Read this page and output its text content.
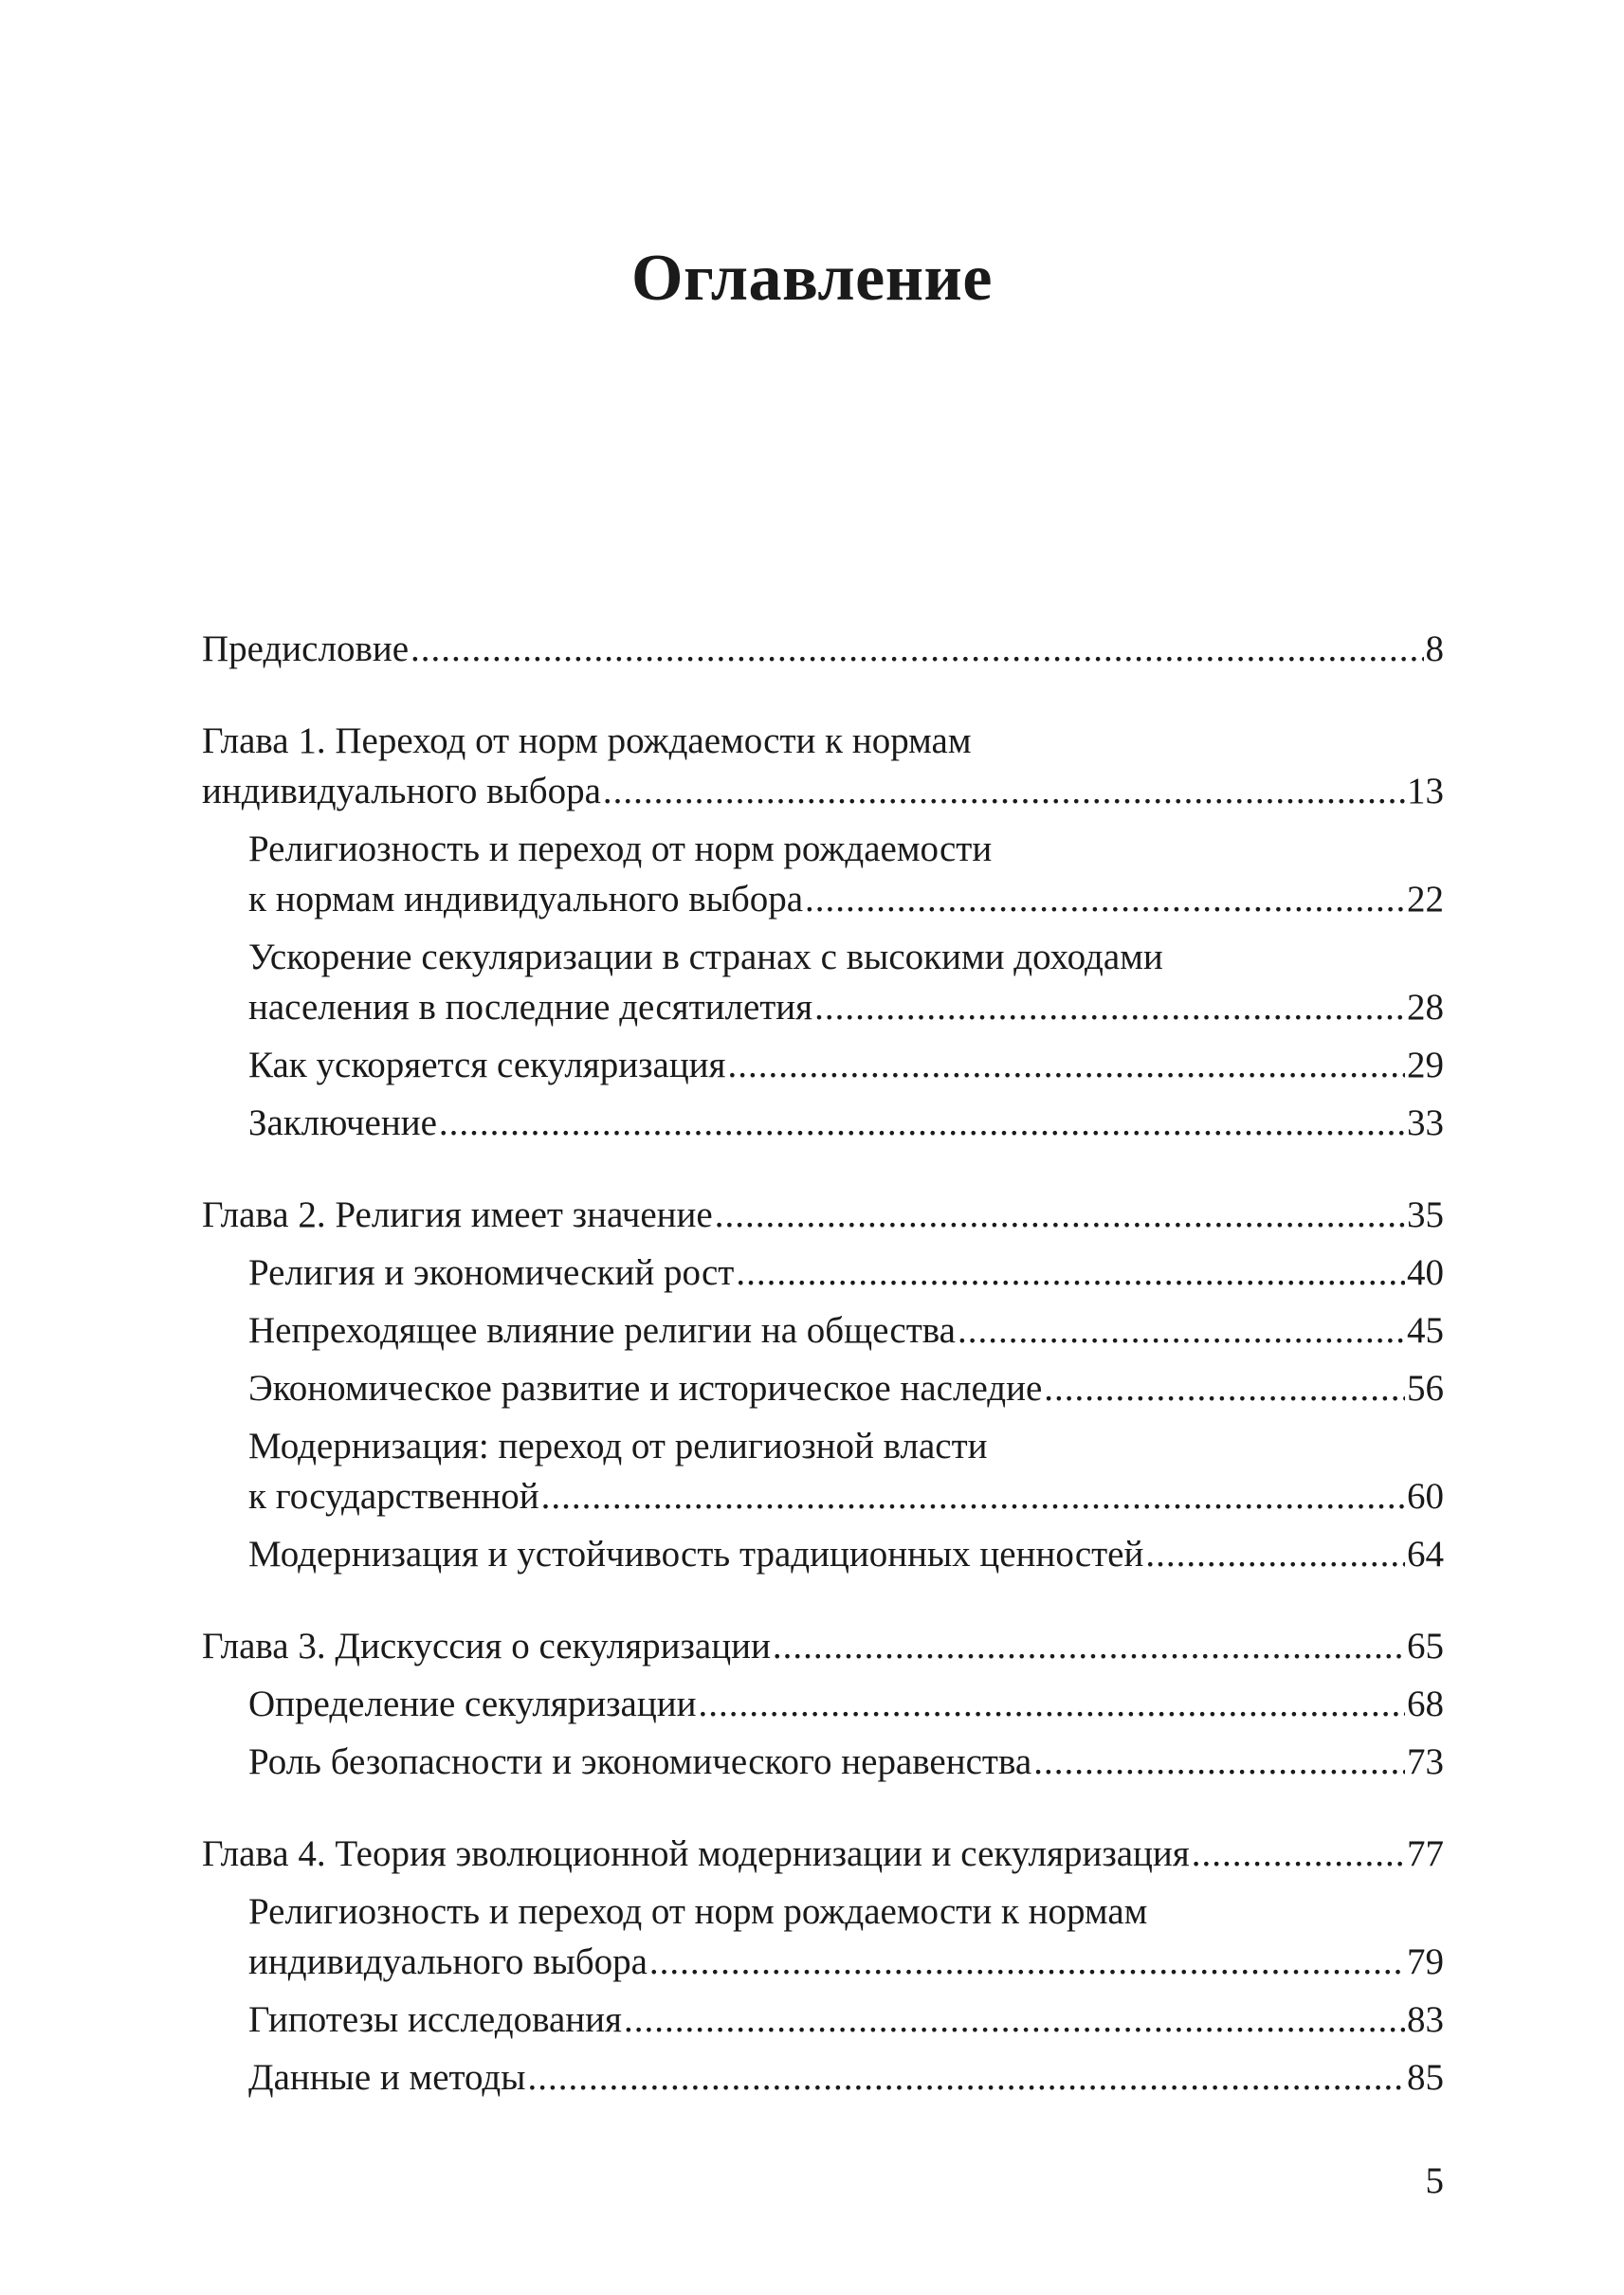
Оглавление
Предисловие .....	8
Глава 1. Переход от норм рождаемости к нормам
индивидуального выбора .....	13
Религиозность и переход от норм рождаемости
к нормам индивидуального выбора .....	22
Ускорение секуляризации в странах с высокими доходами
населения в последние десятилетия .....	28
Как ускоряется секуляризация .....	29
Заключение .....	33
Глава 2. Религия имеет значение .....	35
Религия и экономический рост .....	40
Непреходящее влияние религии на общества .....	45
Экономическое развитие и историческое наследие .....	56
Модернизация: переход от религиозной власти
к государственной .....	60
Модернизация и устойчивость традиционных ценностей .....	64
Глава 3. Дискуссия о секуляризации .....	65
Определение секуляризации .....	68
Роль безопасности и экономического неравенства .....	73
Глава 4. Теория эволюционной модернизации и секуляризация .....	77
Религиозность и переход от норм рождаемости к нормам
индивидуального выбора .....	79
Гипотезы исследования .....	83
Данные и методы .....	85
5
